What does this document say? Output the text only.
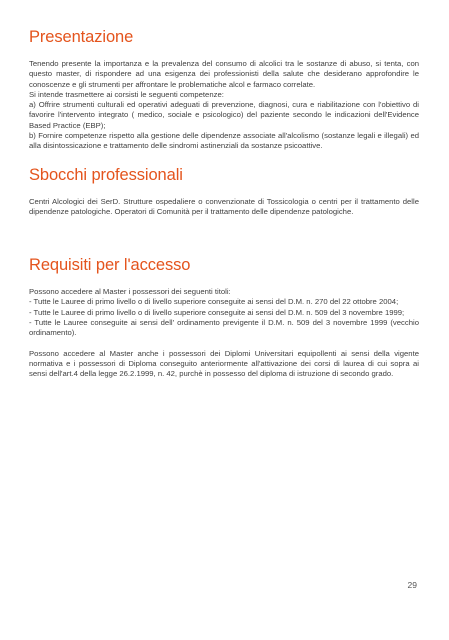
Presentazione

Tenendo presente la importanza e la prevalenza del consumo di alcolici tra le sostanze di abuso, si tenta, con questo master, di rispondere ad una esigenza dei professionisti della salute che desiderano approfondire le conoscenze e gli strumenti per affrontare le problematiche alcol e farmaco correlate.

Si intende trasmettere ai corsisti le seguenti competenze:

a) Offrire strumenti culturali ed operativi adeguati di prevenzione, diagnosi, cura e riabilitazione con l'obiettivo di favorire l'intervento integrato ( medico, sociale e psicologico) del paziente secondo le indicazioni dell'Evidence Based Practice (EBP);

b) Fornire competenze rispetto alla gestione delle dipendenze associate all'alcolismo (sostanze legali e illegali) ed alla disintossicazione e trattamento delle sindromi astinenziali da sostanze psicoattive.

Sbocchi professionali

Centri Alcologici dei SerD. Strutture ospedaliere o convenzionate di Tossicologia o centri per il trattamento delle dipendenze patologiche. Operatori di Comunità per il trattamento delle dipendenze patologiche.

Requisiti per l'accesso

Possono accedere al Master i possessori dei seguenti titoli:

- Tutte le Lauree di primo livello o di livello superiore conseguite ai sensi del D.M. n. 270 del 22 ottobre 2004;

- Tutte le Lauree di primo livello o di livello superiore conseguite ai sensi del D.M. n. 509 del 3 novembre 1999;

- Tutte le Lauree conseguite ai sensi dell' ordinamento previgente il D.M. n. 509 del 3 novembre 1999 (vecchio ordinamento).

Possono accedere al Master anche i possessori dei Diplomi Universitari equipollenti ai sensi della vigente normativa e i possessori di Diploma conseguito anteriormente all'attivazione dei corsi di laurea di cui sopra ai sensi dell'art.4 della legge 26.2.1999, n. 42, purchè in possesso del diploma di istruzione di secondo grado.

29
